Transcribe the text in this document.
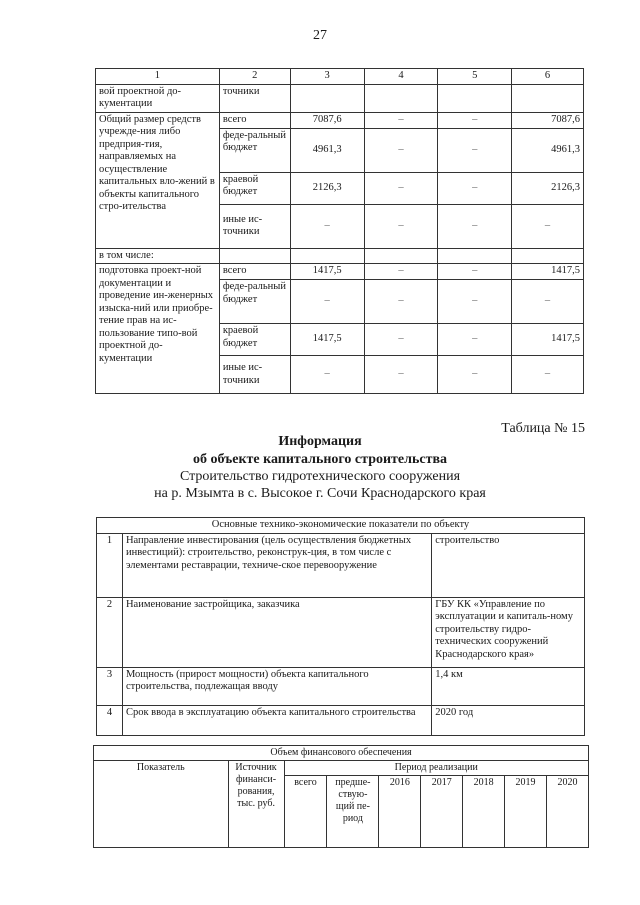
27
1	2	3	4	5	6
вой проектной до-кументации	точники				
Общий размер средств учрежде-ния либо предприя-тия, направляемых на осуществление капитальных вло-жений в объекты капитального стро-ительства	всего	7087,6	–	–	7087,6
	феде-ральный бюджет	4961,3	–	–	4961,3
	краевой бюджет	2126,3	–	–	2126,3
	иные ис-точники	–	–	–	–
в том числе:					
подготовка проект-ной документации и проведение ин-женерных изыска-ний или приобре-тение прав на ис-пользование типо-вой проектной до-кументации	всего	1417,5	–	–	1417,5
	феде-ральный бюджет	–	–	–	–
	краевой бюджет	1417,5	–	–	1417,5
	иные ис-точники	–	–	–	–
Таблица № 15
Информация
об объекте капитального строительства
Строительство гидротехнического сооружения
на р. Мзымта в с. Высокое г. Сочи Краснодарского края
Основные технико-экономические показатели по объекту		
1	Направление инвестирования (цель осуществления бюджетных инвестиций): строительство, реконструк-ция, в том числе с элементами реставрации, техниче-ское перевооружение	строительство
2	Наименование застройщика, заказчика	ГБУ КК «Управление по эксплуатации и капиталь-ному строительству гидро-технических сооружений Краснодарского края»
3	Мощность (прирост мощности) объекта капитального строительства, подлежащая вводу	1,4 км
4	Срок ввода в эксплуатацию объекта капитального строительства	2020 год
Объем финансового обеспечения								
Показатель	Источник финанси-рования, тыс. руб.	Период реализации						
		всего	предше-ствую-щий пе-риод	2016	2017	2018	2019	2020
